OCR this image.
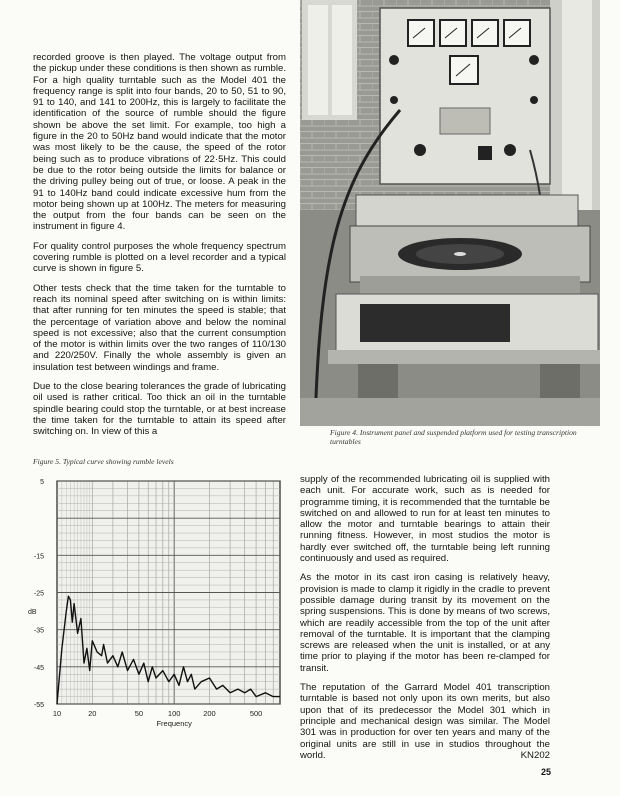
recorded groove is then played. The voltage output from the pickup under these conditions is then shown as rumble. For a high quality turntable such as the Model 401 the frequency range is split into four bands, 20 to 50, 51 to 90, 91 to 140, and 141 to 200Hz, this is largely to facilitate the identification of the source of rumble should the figure shown be above the set limit. For example, too high a figure in the 20 to 50Hz band would indicate that the motor was most likely to be the cause, the speed of the rotor being such as to produce vibrations of 22·5Hz. This could be due to the rotor being outside the limits for balance or the driving pulley being out of true, or loose. A peak in the 91 to 140Hz band could indicate excessive hum from the motor being shown up at 100Hz. The meters for measuring the output from the four bands can be seen on the instrument in figure 4.

For quality control purposes the whole frequency spectrum covering rumble is plotted on a level recorder and a typical curve is shown in figure 5.

Other tests check that the time taken for the turntable to reach its nominal speed after switching on is within limits: that after running for ten minutes the speed is stable; that the percentage of variation above and below the nominal speed is not excessive; also that the current consumption of the motor is within limits over the two ranges of 110/130 and 220/250V. Finally the whole assembly is given an insulation test between windings and frame.

Due to the close bearing tolerances the grade of lubricating oil used is rather critical. Too thick an oil in the turntable spindle bearing could stop the turntable, or at best increase the time taken for the turntable to attain its speed after switching on. In view of this a	Figure 4. Instrument panel and suspended platform used for testing transcription turntables
Figure 5. Typical curve showing rumble levels
10	20	50	100	200	500
5
-15
-25
-35
-45
-55
dB
Frequency

supply of the recommended lubricating oil is supplied with each unit. For accurate work, such as is needed for programme timing, it is recommended that the turntable be switched on and allowed to run for at least ten minutes to allow the motor and turntable bearings to attain their running fitness. However, in most studios the motor is hardly ever switched off, the turntable being left running continuously and used as required.

As the motor in its cast iron casing is relatively heavy, provision is made to clamp it rigidly in the cradle to prevent possible damage during transit by its movement on the spring suspensions. This is done by means of two screws, which are readily accessible from the top of the unit after removal of the turntable. It is important that the clamping screws are released when the unit is installed, or at any time prior to playing if the motor has been re-clamped for transit.

The reputation of the Garrard Model 401 transcription turntable is based not only upon its own merits, but also upon that of its predecessor the Model 301 which in principle and mechanical design was similar. The Model 301 was in production for over ten years and many of the original units are still in use in studios throughout the world.	KN202
25
